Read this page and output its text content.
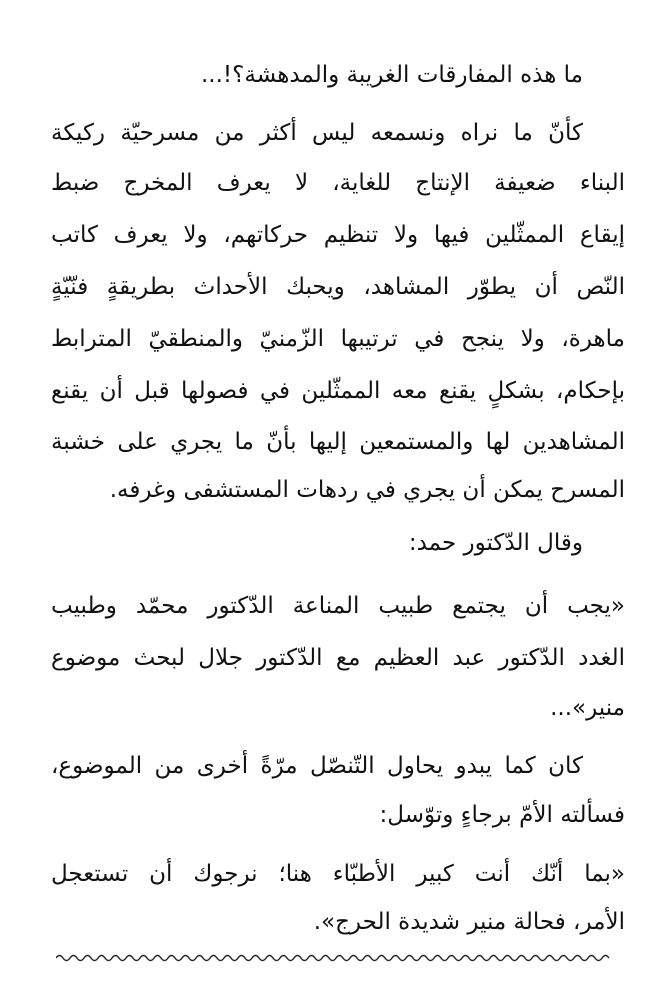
ما هذه المفارقات الغريبة والمدهشة؟!...
كأنّ ما نراه ونسمعه ليس أكثر من مسرحيّة ركيكة
البناء ضعيفة الإنتاج للغاية، لا يعرف المخرج ضبط
إيقاع الممثّلين فيها ولا تنظيم حركاتهم، ولا يعرف كاتب
النّص أن يطوّر المشاهد، ويحبك الأحداث بطريقةٍ فنّيّةٍ
ماهرة، ولا ينجح في ترتيبها الزّمنيّ والمنطقيّ المترابط
بإحكام، بشكلٍ يقنع معه الممثّلين في فصولها قبل أن يقنع
المشاهدين لها والمستمعين إليها بأنّ ما يجري على خشبة
المسرح يمكن أن يجري في ردهات المستشفى وغرفه.
وقال الدّكتور حمد:
«يجب أن يجتمع طبيب المناعة الدّكتور محمّد وطبيب
الغدد الدّكتور عبد العظيم مع الدّكتور جلال لبحث موضوع
منير»...
كان كما يبدو يحاول التّنصّل مرّةً أخرى من الموضوع،
فسألته الأمّ برجاءٍ وتوّسل:
«بما أنّك أنت كبير الأطبّاء هنا؛ نرجوك أن تستعجل
الأمر، فحالة منير شديدة الحرج».
